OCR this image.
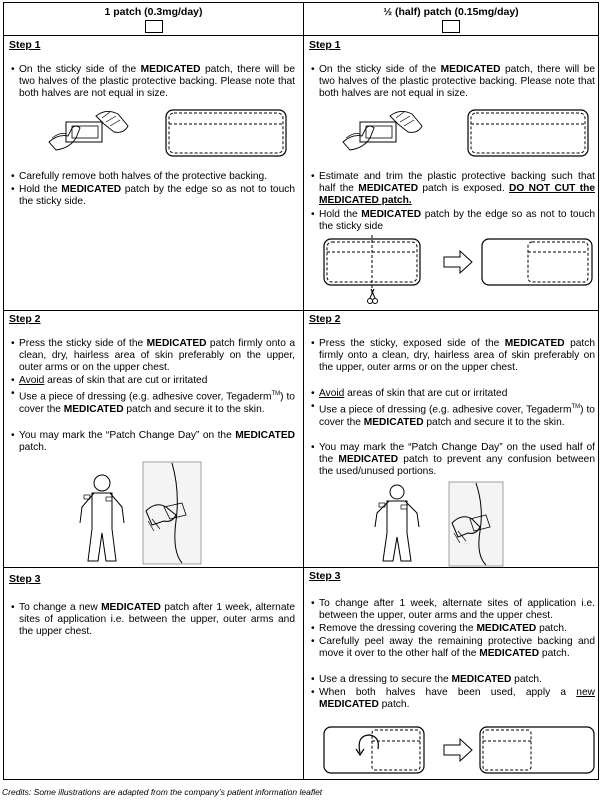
1 patch (0.3mg/day)	½ (half) patch (0.15mg/day)
Step 1
• On the sticky side of the MEDICATED patch, there will be two halves of the plastic protective backing. Please note that both halves are not equal in size.
• Carefully remove both halves of the protective backing.
• Hold the MEDICATED patch by the edge so as not to touch the sticky side.
Step 1
• On the sticky side of the MEDICATED patch, there will be two halves of the plastic protective backing. Please note that both halves are not equal in size.
• Estimate and trim the plastic protective backing such that half the MEDICATED patch is exposed. DO NOT CUT the MEDICATED patch.
• Hold the MEDICATED patch by the edge so as not to touch the sticky side
Step 2
• Press the sticky side of the MEDICATED patch firmly onto a clean, dry, hairless area of skin preferably on the upper, outer arms or on the upper chest.
• Avoid areas of skin that are cut or irritated
• Use a piece of dressing (e.g. adhesive cover, Tegaderm™) to cover the MEDICATED patch and secure it to the skin.
• You may mark the “Patch Change Day” on the MEDICATED patch.
Step 2
• Press the sticky, exposed side of the MEDICATED patch firmly onto a clean, dry, hairless area of skin preferably on the upper, outer arms or on the upper chest.
• Avoid areas of skin that are cut or irritated
• Use a piece of dressing (e.g. adhesive cover, Tegaderm™) to cover the MEDICATED patch and secure it to the skin.
• You may mark the “Patch Change Day” on the used half of the MEDICATED patch to prevent any confusion between the used/unused portions.
Step 3
• To change a new MEDICATED patch after 1 week, alternate sites of application i.e. between the upper, outer arms and the upper chest.
Step 3
• To change after 1 week, alternate sites of application i.e. between the upper, outer arms and the upper chest.
• Remove the dressing covering the MEDICATED patch.
• Carefully peel away the remaining protective backing and move it over to the other half of the MEDICATED patch.
• Use a dressing to secure the MEDICATED patch.
• When both halves have been used, apply a new MEDICATED patch.
Credits: Some illustrations are adapted from the company’s patient information leaflet
